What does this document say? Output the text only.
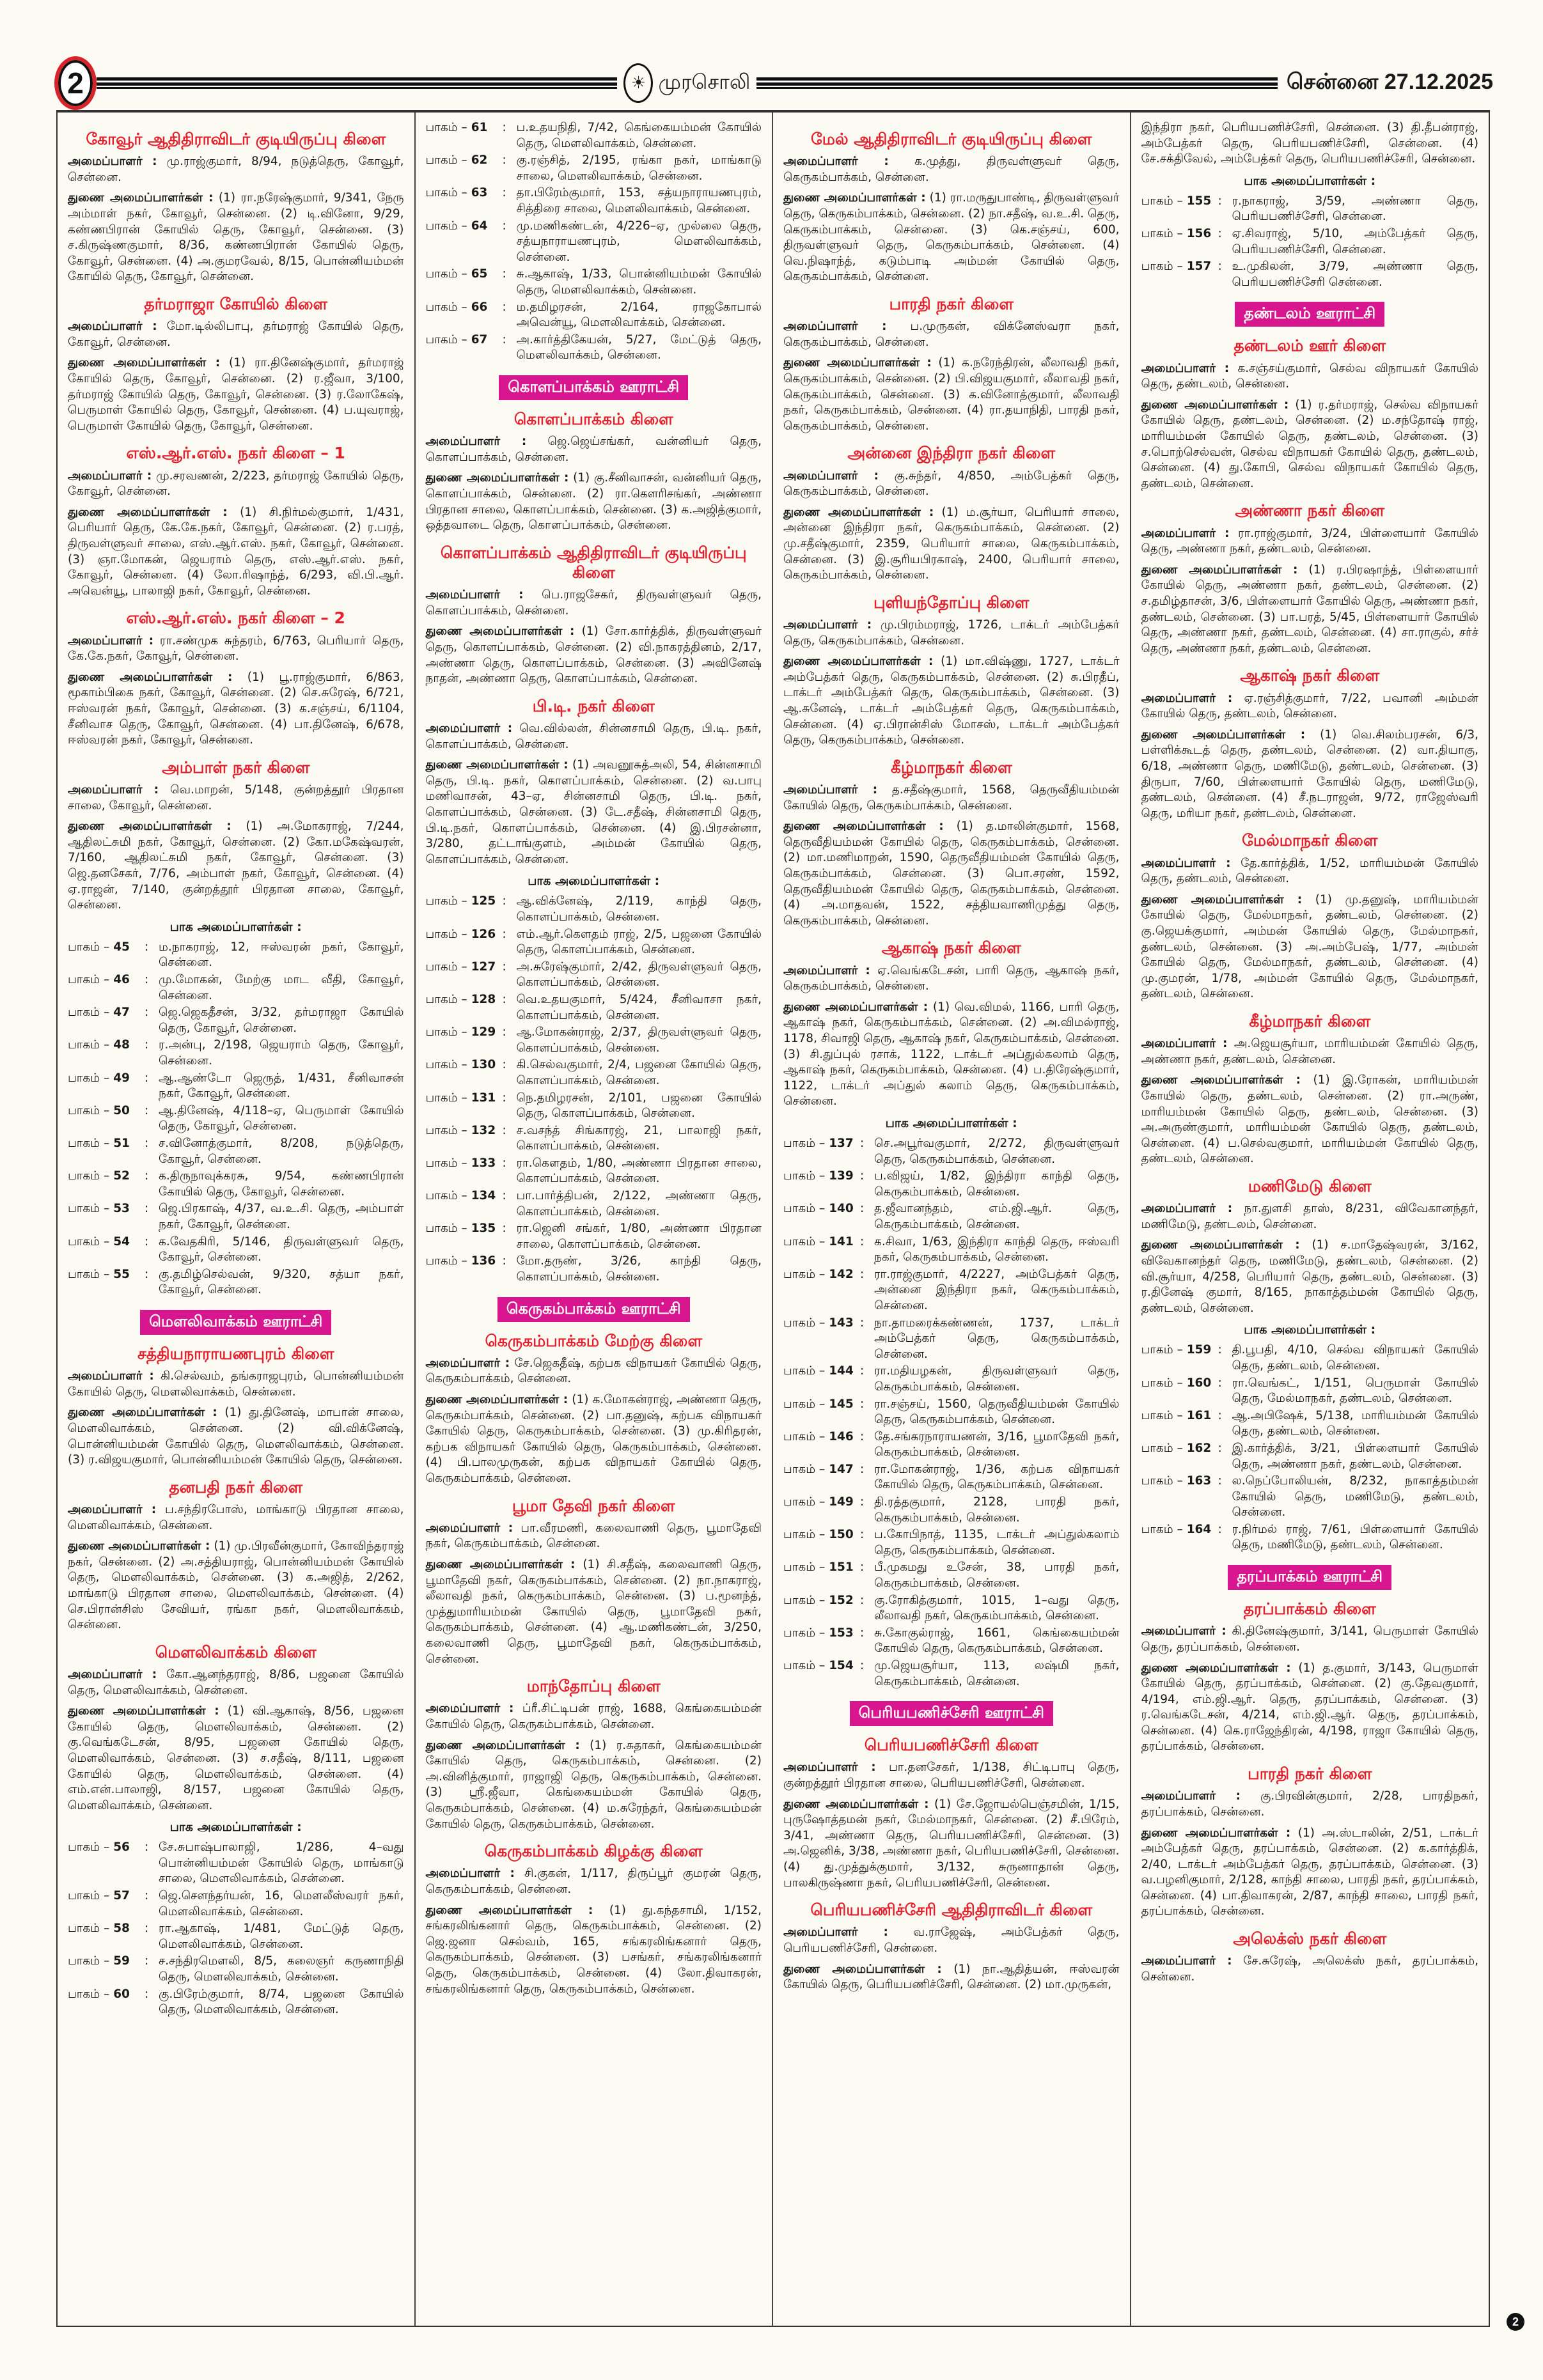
2	☀ முரசொலி	சென்னை 27.12.2025
கோவூர் ஆதிதிராவிடர் குடியிருப்பு கிளை
அமைப்பாளர் : மு.ராஜ்குமார், 8/94, நடுத்தெரு, கோவூர், சென்னை.
துணை அமைப்பாளர்கள் : (1) ரா.நரேஷ்குமார், 9/341, நேரு அம்மாள் நகர், கோவூர், சென்னை. (2) டி.வினோ, 9/29, கண்ணபிரான் கோயில் தெரு, கோவூர், சென்னை. (3) ச.கிருஷ்ணகுமார், 8/36, கண்ணபிரான் கோயில் தெரு, கோவூர், சென்னை. (4) அ.குமரவேல், 8/15, பொன்னியம்மன் கோயில் தெரு, கோவூர், சென்னை.
தர்மராஜா கோயில் கிளை
அமைப்பாளர் : மோ.டில்லிபாபு, தர்மராஜ் கோயில் தெரு, கோவூர், சென்னை.
துணை அமைப்பாளர்கள் : (1) ரா.தினேஷ்குமார், தர்மராஜ் கோயில் தெரு, கோவூர், சென்னை. (2) ர.ஜீவா, 3/100, தர்மராஜ் கோயில் தெரு, கோவூர், சென்னை. (3) ர.லோகேஷ், பெருமாள் கோயில் தெரு, கோவூர், சென்னை. (4) ப.யுவராஜ், பெருமாள் கோயில் தெரு, கோவூர், சென்னை.
எஸ்.ஆர்.எஸ். நகர் கிளை – 1
அமைப்பாளர் : மு.சரவணன், 2/223, தர்மராஜ் கோயில் தெரு, கோவூர், சென்னை.
துணை அமைப்பாளர்கள் : (1) சி.நிர்மல்குமார், 1/431, பெரியார் தெரு, கே.கே.நகர், கோவூர், சென்னை. (2) ர.பரத், திருவள்ளுவர் சாலை, எஸ்.ஆர்.எஸ். நகர், கோவூர், சென்னை. (3) ஞா.மோகன், ஜெயராம் தெரு, எஸ்.ஆர்.எஸ். நகர், கோவூர், சென்னை. (4) லோ.ரிஷாந்த், 6/293, வி.பி.ஆர். அவென்யூ, பாலாஜி நகர், கோவூர், சென்னை.
எஸ்.ஆர்.எஸ். நகர் கிளை – 2
அமைப்பாளர் : ரா.சண்முக சுந்தரம், 6/763, பெரியார் தெரு, கே.கே.நகர், கோவூர், சென்னை.
துணை அமைப்பாளர்கள் : (1) பூ.ராஜ்குமார், 6/863, மூகாம்பிகை நகர், கோவூர், சென்னை. (2) செ.சுரேஷ், 6/721, ஈஸ்வரன் நகர், கோவூர், சென்னை. (3) க.சஞ்சய், 6/1104, சீனிவாச தெரு, கோவூர், சென்னை. (4) பா.தினேஷ், 6/678, ஈஸ்வரன் நகர், கோவூர், சென்னை.
அம்பாள் நகர் கிளை
அமைப்பாளர் : வெ.மாறன், 5/148, குன்றத்தூர் பிரதான சாலை, கோவூர், சென்னை.
துணை அமைப்பாளர்கள் : (1) அ.மோகராஜ், 7/244, ஆதிலட்சுமி நகர், கோவூர், சென்னை. (2) கோ.மகேஷ்வரன், 7/160, ஆதிலட்சுமி நகர், கோவூர், சென்னை. (3) ஜெ.தனசேகர், 7/76, அம்பாள் நகர், கோவூர், சென்னை. (4) ஏ.ராஜன், 7/140, குன்றத்தூர் பிரதான சாலை, கோவூர், சென்னை.
பாக அமைப்பாளர்கள் :
பாகம் – 45	: ம.நாகராஜ், 12, ஈஸ்வரன் நகர், கோவூர், சென்னை.
பாகம் – 46	: மு.மோகன், மேற்கு மாட வீதி, கோவூர், சென்னை.
பாகம் – 47	: ஜெ.ஜெகதீசன், 3/32, தர்மராஜா கோயில் தெரு, கோவூர், சென்னை.
பாகம் – 48	: ர.அன்பு, 2/198, ஜெயராம் தெரு, கோவூர், சென்னை.
பாகம் – 49	: ஆ.ஆண்டோ ஜெருத், 1/431, சீனிவாசன் நகர், கோவூர், சென்னை.
பாகம் – 50	: ஆ.தினேஷ், 4/118–ஏ, பெருமாள் கோயில் தெரு, கோவூர், சென்னை.
பாகம் – 51	: ச.வினோத்குமார், 8/208, நடுத்தெரு, கோவூர், சென்னை.
பாகம் – 52	: க.திருநாவுக்கரசு, 9/54, கண்ணபிரான் கோயில் தெரு, கோவூர், சென்னை.
பாகம் – 53	: ஜெ.பிரகாஷ், 4/37, வ.உ.சி. தெரு, அம்பாள் நகர், கோவூர், சென்னை.
பாகம் – 54	: க.வேதகிரி, 5/146, திருவள்ளுவர் தெரு, கோவூர், சென்னை.
பாகம் – 55	: கு.தமிழ்செல்வன், 9/320, சத்யா நகர், கோவூர், சென்னை.
மௌலிவாக்கம் ஊராட்சி
சத்தியநாராயணபுரம் கிளை
அமைப்பாளர் : கி.செல்வம், தங்கராஜபுரம், பொன்னியம்மன் கோயில் தெரு, மௌலிவாக்கம், சென்னை.
துணை அமைப்பாளர்கள் : (1) து.தினேஷ், மாபான் சாலை, மௌலிவாக்கம், சென்னை. (2) வி.விக்னேஷ், பொன்னியம்மன் கோயில் தெரு, மௌலிவாக்கம், சென்னை. (3) ர.விஜயகுமார், பொன்னியம்மன் கோயில் தெரு, சென்னை.
தனபதி நகர் கிளை
அமைப்பாளர் : ப.சந்திரபோஸ், மாங்காடு பிரதான சாலை, மௌலிவாக்கம், சென்னை.
துணை அமைப்பாளர்கள் : (1) மு.பிரவீன்குமார், கோவிந்தராஜ் நகர், சென்னை. (2) அ.சத்தியராஜ், பொன்னியம்மன் கோயில் தெரு, மௌலிவாக்கம், சென்னை. (3) க.அஜித், 2/262, மாங்காடு பிரதான சாலை, மௌலிவாக்கம், சென்னை. (4) செ.பிரான்சிஸ் சேவியர், ரங்கா நகர், மௌலிவாக்கம், சென்னை.
மௌலிவாக்கம் கிளை
அமைப்பாளர் : கோ.ஆனந்தராஜ், 8/86, பஜனை கோயில் தெரு, மௌலிவாக்கம், சென்னை.
துணை அமைப்பாளர்கள் : (1) வி.ஆகாஷ், 8/56, பஜனை கோயில் தெரு, மௌலிவாக்கம், சென்னை. (2) கு.வெங்கடேசன், 8/95, பஜனை கோயில் தெரு, மௌலிவாக்கம், சென்னை. (3) ச.சதீஷ், 8/111, பஜனை கோயில் தெரு, மௌலிவாக்கம், சென்னை. (4) எம்.என்.பாலாஜி, 8/157, பஜனை கோயில் தெரு, மௌலிவாக்கம், சென்னை.
பாக அமைப்பாளர்கள் :
பாகம் – 56	: சே.சுபாஷ்பாலாஜி, 1/286, 4–வது பொன்னியம்மன் கோயில் தெரு, மாங்காடு சாலை, மௌலிவாக்கம், சென்னை.
பாகம் – 57	: ஜெ.சௌந்தர்யன், 16, மௌலீஸ்வரர் நகர், மௌலிவாக்கம், சென்னை.
பாகம் – 58	: ரா.ஆகாஷ், 1/481, மேட்டுத் தெரு, மௌலிவாக்கம், சென்னை.
பாகம் – 59	: ச.சந்திரமௌலி, 8/5, கலைஞர் கருணாநிதி தெரு, மௌலிவாக்கம், சென்னை.
பாகம் – 60	: கு.பிரேம்குமார், 8/74, பஜனை கோயில் தெரு, மௌலிவாக்கம், சென்னை.
பாகம் – 61	: ப.உதயநிதி, 7/42, கெங்கையம்மன் கோயில் தெரு, மௌலிவாக்கம், சென்னை.
பாகம் – 62	: கு.ரஞ்சித், 2/195, ரங்கா நகர், மாங்காடு சாலை, மௌலிவாக்கம், சென்னை.
பாகம் – 63	: தா.பிரேம்குமார், 153, சத்யநாராயணபுரம், சித்திரை சாலை, மௌலிவாக்கம், சென்னை.
பாகம் – 64	: மு.மணிகண்டன், 4/226–ஏ, முல்லை தெரு, சத்யநாராயணபுரம், மௌலிவாக்கம், சென்னை.
பாகம் – 65	: சு.ஆகாஷ், 1/33, பொன்னியம்மன் கோயில் தெரு, மௌலிவாக்கம், சென்னை.
பாகம் – 66	: ம.தமிழரசன், 2/164, ராஜகோபால் அவென்யூ, மௌலிவாக்கம், சென்னை.
பாகம் – 67	: அ.கார்த்திகேயன், 5/27, மேட்டுத் தெரு, மௌலிவாக்கம், சென்னை.
கொளப்பாக்கம் ஊராட்சி
கொளப்பாக்கம் கிளை
அமைப்பாளர் : ஜெ.ஜெய்சங்கர், வன்னியர் தெரு, கொளப்பாக்கம், சென்னை.
துணை அமைப்பாளர்கள் : (1) கு.சீனிவாசன், வன்னியர் தெரு, கொளப்பாக்கம், சென்னை. (2) ரா.கௌரிசங்கர், அண்ணா பிரதான சாலை, கொளப்பாக்கம், சென்னை. (3) க.அஜித்குமார், ஒத்தவாடை தெரு, கொளப்பாக்கம், சென்னை.
கொளப்பாக்கம் ஆதிதிராவிடர் குடியிருப்பு கிளை
அமைப்பாளர் : பெ.ராஜசேகர், திருவள்ளுவர் தெரு, கொளப்பாக்கம், சென்னை.
துணை அமைப்பாளர்கள் : (1) சோ.கார்த்திக், திருவள்ளுவர் தெரு, கொளப்பாக்கம், சென்னை. (2) வி.நாகரத்தினம், 2/17, அண்ணா தெரு, கொளப்பாக்கம், சென்னை. (3) அவினேஷ் நாதன், அண்ணா தெரு, கொளப்பாக்கம், சென்னை.
பி.டி. நகர் கிளை
அமைப்பாளர் : வெ.வில்லன், சின்னசாமி தெரு, பி.டி. நகர், கொளப்பாக்கம், சென்னை.
துணை அமைப்பாளர்கள் : (1) அவனூசுத்அலி, 54, சின்னசாமி தெரு, பி.டி. நகர், கொளப்பாக்கம், சென்னை. (2) வ.பாபு மணிவாசன், 43–ஏ, சின்னசாமி தெரு, பி.டி. நகர், கொளப்பாக்கம், சென்னை. (3) டே.சதீஷ், சின்னசாமி தெரு, பி.டி.நகர், கொளப்பாக்கம், சென்னை. (4) இ.பிரசன்னா, 3/280, தட்டாங்குளம், அம்மன் கோயில் தெரு, கொளப்பாக்கம், சென்னை.
பாக அமைப்பாளர்கள் :
பாகம் – 125 : ஆ.விக்னேஷ், 2/119, காந்தி தெரு, கொளப்பாக்கம், சென்னை.
பாகம் – 126 : எம்.ஆர்.கௌதம் ராஜ், 2/5, பஜனை கோயில் தெரு, கொளப்பாக்கம், சென்னை.
பாகம் – 127 : அ.சுரேஷ்குமார், 2/42, திருவள்ளுவர் தெரு, கொளப்பாக்கம், சென்னை.
பாகம் – 128 : வெ.உதயகுமார், 5/424, சீனிவாசா நகர், கொளப்பாக்கம், சென்னை.
பாகம் – 129 : ஆ.மோகன்ராஜ், 2/37, திருவள்ளுவர் தெரு, கொளப்பாக்கம், சென்னை.
பாகம் – 130 : கி.செல்வகுமார், 2/4, பஜனை கோயில் தெரு, கொளப்பாக்கம், சென்னை.
பாகம் – 131 : நெ.தமிழரசன், 2/101, பஜனை கோயில் தெரு, கொளப்பாக்கம், சென்னை.
பாகம் – 132 : ச.வசந்த் சிங்காரஜ், 21, பாலாஜி நகர், கொளப்பாக்கம், சென்னை.
பாகம் – 133 : ரா.கௌதம், 1/80, அண்ணா பிரதான சாலை, கொளப்பாக்கம், சென்னை.
பாகம் – 134 : பா.பார்த்திபன், 2/122, அண்ணா தெரு, கொளப்பாக்கம், சென்னை.
பாகம் – 135 : ரா.ஜெனி சங்கர், 1/80, அண்ணா பிரதான சாலை, கொளப்பாக்கம், சென்னை.
பாகம் – 136 : மோ.தருண், 3/26, காந்தி தெரு, கொளப்பாக்கம், சென்னை.
கெருகம்பாக்கம் ஊராட்சி
கெருகம்பாக்கம் மேற்கு கிளை
அமைப்பாளர் : சே.ஜெகதீஷ், கற்பக விநாயகர் கோயில் தெரு, கெருகம்பாக்கம், சென்னை.
துணை அமைப்பாளர்கள் : (1) க.மோகன்ராஜ், அண்ணா தெரு, கெருகம்பாக்கம், சென்னை. (2) பா.தனுஷ், கற்பக விநாயகர் கோயில் தெரு, கெருகம்பாக்கம், சென்னை. (3) மு.கிரிதரன், கற்பக விநாயகர் கோயில் தெரு, கெருகம்பாக்கம், சென்னை. (4) பி.பாலமுருகன், கற்பக விநாயகர் கோயில் தெரு, கெருகம்பாக்கம், சென்னை.
பூமா தேவி நகர் கிளை
அமைப்பாளர் : பா.வீரமணி, கலைவாணி தெரு, பூமாதேவி நகர், கெருகம்பாக்கம், சென்னை.
துணை அமைப்பாளர்கள் : (1) சி.சதீஷ், கலைவாணி தெரு, பூமாதேவி நகர், கெருகம்பாக்கம், சென்னை. (2) நா.நாகராஜ், லீலாவதி நகர், கெருகம்பாக்கம், சென்னை. (3) ப.மூனந்த், முத்துமாரியம்மன் கோயில் தெரு, பூமாதேவி நகர், கெருகம்பாக்கம், சென்னை. (4) ஆ.மணிகண்டன், 3/250, கலைவாணி தெரு, பூமாதேவி நகர், கெருகம்பாக்கம், சென்னை.
மாந்தோப்பு கிளை
அமைப்பாளர் : ப்ரீ.சிட்டிபன் ராஜ், 1688, கெங்கையம்மன் கோயில் தெரு, கெருகம்பாக்கம், சென்னை.
துணை அமைப்பாளர்கள் : (1) ர.சுதாகர், கெங்கையம்மன் கோயில் தெரு, கெருகம்பாக்கம், சென்னை. (2) அ.வினித்குமார், ராஜாஜி தெரு, கெருகம்பாக்கம், சென்னை. (3) ஸ்ரீ.ஜீவா, கெங்கையம்மன் கோயில் தெரு, கெருகம்பாக்கம், சென்னை. (4) ம.சுரேந்தர், கெங்கையம்மன் கோயில் தெரு, கெருகம்பாக்கம், சென்னை.
கெருகம்பாக்கம் கிழக்கு கிளை
அமைப்பாளர் : சி.குகன், 1/117, திருப்பூர் குமரன் தெரு, கெருகம்பாக்கம், சென்னை.
துணை அமைப்பாளர்கள் : (1) து.கந்தசாமி, 1/152, சங்கரலிங்கனார் தெரு, கெருகம்பாக்கம், சென்னை. (2) ஜெ.ஜனா செல்வம், 165, சங்கரலிங்கனார் தெரு, கெருகம்பாக்கம், சென்னை. (3) பசங்கர், சங்கரலிங்கனார் தெரு, கெருகம்பாக்கம், சென்னை. (4) லோ.திவாகரன், சங்கரலிங்கனார் தெரு, கெருகம்பாக்கம், சென்னை.
மேல் ஆதிதிராவிடர் குடியிருப்பு கிளை
அமைப்பாளர் : க.முத்து, திருவள்ளுவர் தெரு, கெருகம்பாக்கம், சென்னை.
துணை அமைப்பாளர்கள் : (1) ரா.மருதுபாண்டி, திருவள்ளுவர் தெரு, கெருகம்பாக்கம், சென்னை. (2) நா.சதீஷ், வ.உ.சி. தெரு, கெருகம்பாக்கம், சென்னை. (3) கெ.சஞ்சய், 600, திருவள்ளுவர் தெரு, கெருகம்பாக்கம், சென்னை. (4) வெ.நிஷாந்த், கடும்பாடி அம்மன் கோயில் தெரு, கெருகம்பாக்கம், சென்னை.
பாரதி நகர் கிளை
அமைப்பாளர் : ப.முருகன், விக்னேஸ்வரா நகர், கெருகம்பாக்கம், சென்னை.
துணை அமைப்பாளர்கள் : (1) க.நரேந்திரன், லீலாவதி நகர், கெருகம்பாக்கம், சென்னை. (2) பி.விஜயகுமார், லீலாவதி நகர், கெருகம்பாக்கம், சென்னை. (3) க.வினோத்குமார், லீலாவதி நகர், கெருகம்பாக்கம், சென்னை. (4) ரா.தயாநிதி, பாரதி நகர், கெருகம்பாக்கம், சென்னை.
அன்னை இந்திரா நகர் கிளை
அமைப்பாளர் : கு.சுந்தர், 4/850, அம்பேத்கர் தெரு, கெருகம்பாக்கம், சென்னை.
துணை அமைப்பாளர்கள் : (1) ம.சூர்யா, பெரியார் சாலை, அன்னை இந்திரா நகர், கெருகம்பாக்கம், சென்னை. (2) மு.சதீஷ்குமார், 2359, பெரியார் சாலை, கெருகம்பாக்கம், சென்னை. (3) இ.சூரியபிரகாஷ், 2400, பெரியார் சாலை, கெருகம்பாக்கம், சென்னை.
புளியந்தோப்பு கிளை
அமைப்பாளர் : மு.பிரம்மராஜ், 1726, டாக்டர் அம்பேத்கர் தெரு, கெருகம்பாக்கம், சென்னை.
துணை அமைப்பாளர்கள் : (1) மா.விஷ்ணு, 1727, டாக்டர் அம்பேத்கர் தெரு, கெருகம்பாக்கம், சென்னை. (2) சு.பிரதீப், டாக்டர் அம்பேத்கர் தெரு, கெருகம்பாக்கம், சென்னை. (3) ஆ.சுனேஷ், டாக்டர் அம்பேத்கர் தெரு, கெருகம்பாக்கம், சென்னை. (4) ஏ.பிரான்சிஸ் மோசஸ், டாக்டர் அம்பேத்கர் தெரு, கெருகம்பாக்கம், சென்னை.
கீழ்மாநகர் கிளை
அமைப்பாளர் : த.சதீஷ்குமார், 1568, தெருவீதியம்மன் கோயில் தெரு, கெருகம்பாக்கம், சென்னை.
துணை அமைப்பாளர்கள் : (1) த.மாலின்குமார், 1568, தெருவீதியம்மன் கோயில் தெரு, கெருகம்பாக்கம், சென்னை. (2) மா.மணிமாறன், 1590, தெருவீதியம்மன் கோயில் தெரு, கெருகம்பாக்கம், சென்னை. (3) பொ.சரண், 1592, தெருவீதியம்மன் கோயில் தெரு, கெருகம்பாக்கம், சென்னை. (4) அ.மாதவன், 1522, சத்தியவாணிமுத்து தெரு, கெருகம்பாக்கம், சென்னை.
ஆகாஷ் நகர் கிளை
அமைப்பாளர் : ஏ.வெங்கடேசன், பாரி தெரு, ஆகாஷ் நகர், கெருகம்பாக்கம், சென்னை.
துணை அமைப்பாளர்கள் : (1) வெ.விமல், 1166, பாரி தெரு, ஆகாஷ் நகர், கெருகம்பாக்கம், சென்னை. (2) அ.விமல்ராஜ், 1178, சிவாஜி தெரு, ஆகாஷ் நகர், கெருகம்பாக்கம், சென்னை. (3) சி.துப்புல் ரசாக், 1122, டாக்டர் அப்துல்கலாம் தெரு, ஆகாஷ் நகர், கெருகம்பாக்கம், சென்னை. (4) ப.திரேஷ்குமார், 1122, டாக்டர் அப்துல் கலாம் தெரு, கெருகம்பாக்கம், சென்னை.
பாக அமைப்பாளர்கள் :
பாகம் – 137 : செ.அபூர்வகுமார், 2/272, திருவள்ளுவர் தெரு, கெருகம்பாக்கம், சென்னை.
பாகம் – 139 : ப.விஜய், 1/82, இந்திரா காந்தி தெரு, கெருகம்பாக்கம், சென்னை.
பாகம் – 140 : த.ஜீவானந்தம், எம்.ஜி.ஆர். தெரு, கெருகம்பாக்கம், சென்னை.
பாகம் – 141 : க.சிவா, 1/63, இந்திரா காந்தி தெரு, ஈஸ்வரி நகர், கெருகம்பாக்கம், சென்னை.
பாகம் – 142 : ரா.ராஜ்குமார், 4/2227, அம்பேத்கர் தெரு, அன்னை இந்திரா நகர், கெருகம்பாக்கம், சென்னை.
பாகம் – 143 : நா.தாமரைக்கண்ணன், 1737, டாக்டர் அம்பேத்கர் தெரு, கெருகம்பாக்கம், சென்னை.
பாகம் – 144 : ரா.மதியழகன், திருவள்ளுவர் தெரு, கெருகம்பாக்கம், சென்னை.
பாகம் – 145 : ரா.சஞ்சய், 1560, தெருவீதியம்மன் கோயில் தெரு, கெருகம்பாக்கம், சென்னை.
பாகம் – 146 : தே.சங்கரநாராயணன், 3/16, பூமாதேவி நகர், கெருகம்பாக்கம், சென்னை.
பாகம் – 147 : ரா.மோகன்ராஜ், 1/36, கற்பக விநாயகர் கோயில் தெரு, கெருகம்பாக்கம், சென்னை.
பாகம் – 149 : தி.ரத்தகுமார், 2128, பாரதி நகர், கெருகம்பாக்கம், சென்னை.
பாகம் – 150 : ப.கோபிநாத், 1135, டாக்டர் அப்துல்கலாம் தெரு, கெருகம்பாக்கம், சென்னை.
பாகம் – 151 : பீ.முகமது உசேன், 38, பாரதி நகர், கெருகம்பாக்கம், சென்னை.
பாகம் – 152 : கு.ரோகித்குமார், 1015, 1–வது தெரு, லீலாவதி நகர், கெருகம்பாக்கம், சென்னை.
பாகம் – 153 : சு.கோகுல்ராஜ், 1661, கெங்கையம்மன் கோயில் தெரு, கெருகம்பாக்கம், சென்னை.
பாகம் – 154 : மு.ஜெயசூர்யா, 113, லஷ்மி நகர், கெருகம்பாக்கம், சென்னை.
பெரியபணிச்சேரி ஊராட்சி
பெரியபணிச்சேரி கிளை
அமைப்பாளர் : பா.தனசேகர், 1/138, சிட்டிபாபு தெரு, குன்றத்தூர் பிரதான சாலை, பெரியபணிச்சேரி, சென்னை.
துணை அமைப்பாளர்கள் : (1) சே.ஜோயல்பெஞ்சமின், 1/15, புருஷோத்தமன் நகர், மேல்மாநகர், சென்னை. (2) சீ.பிரேம், 3/41, அண்ணா தெரு, பெரியபணிச்சேரி, சென்னை. (3) அ.ஜெனிக், 3/38, அண்ணா நகர், பெரியபணிச்சேரி, சென்னை. (4) து.முத்துக்குமார், 3/132, சுருணாதான் தெரு, பாலகிருஷ்ணா நகர், பெரியபணிச்சேரி, சென்னை.
பெரியபணிச்சேரி ஆதிதிராவிடர் கிளை
அமைப்பாளர் : வ.ராஜேஷ், அம்பேத்கர் தெரு, பெரியபணிச்சேரி, சென்னை.
துணை அமைப்பாளர்கள் : (1) நா.ஆதித்யன், ஈஸ்வரன் கோயில் தெரு, பெரியபணிச்சேரி, சென்னை. (2) மா.முருகன்,
இந்திரா நகர், பெரியபணிச்சேரி, சென்னை. (3) தி.தீபன்ராஜ், அம்பேத்கர் தெரு, பெரியபணிச்சேரி, சென்னை. (4) சே.சக்திவேல், அம்பேத்கர் தெரு, பெரியபணிச்சேரி, சென்னை.
பாக அமைப்பாளர்கள் :
பாகம் – 155 : ர.நாகராஜ், 3/59, அண்ணா தெரு, பெரியபணிச்சேரி, சென்னை.
பாகம் – 156 : ஏ.சிவராஜ், 5/10, அம்பேத்கர் தெரு, பெரியபணிச்சேரி, சென்னை.
பாகம் – 157 : உ.முகிலன், 3/79, அண்ணா தெரு, பெரியபணிச்சேரி சென்னை.
தண்டலம் ஊராட்சி
தண்டலம் ஊர் கிளை
அமைப்பாளர் : க.சஞ்சய்குமார், செல்வ விநாயகர் கோயில் தெரு, தண்டலம், சென்னை.
துணை அமைப்பாளர்கள் : (1) ர.தர்மராஜ், செல்வ விநாயகர் கோயில் தெரு, தண்டலம், சென்னை. (2) ம.சந்தோஷ் ராஜ், மாரியம்மன் கோயில் தெரு, தண்டலம், சென்னை. (3) ச.பொற்செல்வன், செல்வ விநாயகர் கோயில் தெரு, தண்டலம், சென்னை. (4) து.கோபி, செல்வ விநாயகர் கோயில் தெரு, தண்டலம், சென்னை.
அண்ணா நகர் கிளை
அமைப்பாளர் : ரா.ராஜ்குமார், 3/24, பிள்ளையார் கோயில் தெரு, அண்ணா நகர், தண்டலம், சென்னை.
துணை அமைப்பாளர்கள் : (1) ர.பிரஷாந்த், பிள்ளையார் கோயில் தெரு, அண்ணா நகர், தண்டலம், சென்னை. (2) ச.தமிழ்தாசன், 3/6, பிள்ளையார் கோயில் தெரு, அண்ணா நகர், தண்டலம், சென்னை. (3) பா.பரத், 5/45, பிள்ளையார் கோயில் தெரு, அண்ணா நகர், தண்டலம், சென்னை. (4) சா.ராகுல், சர்ச் தெரு, அண்ணா நகர், தண்டலம், சென்னை.
ஆகாஷ் நகர் கிளை
அமைப்பாளர் : ஏ.ரஞ்சித்குமார், 7/22, பவானி அம்மன் கோயில் தெரு, தண்டலம், சென்னை.
துணை அமைப்பாளர்கள் : (1) வெ.சிலம்பரசன், 6/3, பள்ளிக்கூடத் தெரு, தண்டலம், சென்னை. (2) வா.தியாகு, 6/18, அண்ணா தெரு, மணிமேடு, தண்டலம், சென்னை. (3) திருபா, 7/60, பிள்ளையார் கோயில் தெரு, மணிமேடு, தண்டலம், சென்னை. (4) சீ.நடராஜன், 9/72, ராஜேஸ்வரி தெரு, மரியா நகர், தண்டலம், சென்னை.
மேல்மாநகர் கிளை
அமைப்பாளர் : தே.கார்த்திக், 1/52, மாரியம்மன் கோயில் தெரு, தண்டலம், சென்னை.
துணை அமைப்பாளர்கள் : (1) மு.தனுஷ், மாரியம்மன் கோயில் தெரு, மேல்மாநகர், தண்டலம், சென்னை. (2) கு.ஜெயக்குமார், அம்மன் கோயில் தெரு, மேல்மாநகர், தண்டலம், சென்னை. (3) அ.அம்பேஷ், 1/77, அம்மன் கோயில் தெரு, மேல்மாநகர், தண்டலம், சென்னை. (4) மு.குமரன், 1/78, அம்மன் கோயில் தெரு, மேல்மாநகர், தண்டலம், சென்னை.
கீழ்மாநகர் கிளை
அமைப்பாளர் : அ.ஜெயசூர்யா, மாரியம்மன் கோயில் தெரு, அண்ணா நகர், தண்டலம், சென்னை.
துணை அமைப்பாளர்கள் : (1) இ.ரோகன், மாரியம்மன் கோயில் தெரு, தண்டலம், சென்னை. (2) ரா.அருண், மாரியம்மன் கோயில் தெரு, தண்டலம், சென்னை. (3) அ.அருண்குமார், மாரியம்மன் கோயில் தெரு, தண்டலம், சென்னை. (4) ப.செல்வகுமார், மாரியம்மன் கோயில் தெரு, தண்டலம், சென்னை.
மணிமேடு கிளை
அமைப்பாளர் : நா.துளசி தாஸ், 8/231, விவேகானந்தர், மணிமேடு, தண்டலம், சென்னை.
துணை அமைப்பாளர்கள் : (1) ச.மாதேஷ்வரன், 3/162, விவேகானந்தர் தெரு, மணிமேடு, தண்டலம், சென்னை. (2) வி.சூர்யா, 4/258, பெரியார் தெரு, தண்டலம், சென்னை. (3) ர.தினேஷ் குமார், 8/165, நாகாத்தம்மன் கோயில் தெரு, தண்டலம், சென்னை.
பாக அமைப்பாளர்கள் :
பாகம் – 159 : தி.பூபதி, 4/10, செல்வ விநாயகர் கோயில் தெரு, தண்டலம், சென்னை.
பாகம் – 160 : ரா.வெங்கட், 1/151, பெருமாள் கோயில் தெரு, மேல்மாநகர், தண்டலம், சென்னை.
பாகம் – 161 : ஆ.அபிஷேக், 5/138, மாரியம்மன் கோயில் தெரு, தண்டலம், சென்னை.
பாகம் – 162 : இ.கார்த்திக், 3/21, பிள்ளையார் கோயில் தெரு, அண்ணா நகர், தண்டலம், சென்னை.
பாகம் – 163 : ல.நெப்போலியன், 8/232, நாகாத்தம்மன் கோயில் தெரு, மணிமேடு, தண்டலம், சென்னை.
பாகம் – 164 : ர.நிர்மல் ராஜ், 7/61, பிள்ளையார் கோயில் தெரு, மணிமேடு, தண்டலம், சென்னை.
தரப்பாக்கம் ஊராட்சி
தரப்பாக்கம் கிளை
அமைப்பாளர் : கி.தினேஷ்குமார், 3/141, பெருமாள் கோயில் தெரு, தரப்பாக்கம், சென்னை.
துணை அமைப்பாளர்கள் : (1) த.குமார், 3/143, பெருமாள் கோயில் தெரு, தரப்பாக்கம், சென்னை. (2) கு.தேவகுமார், 4/194, எம்.ஜி.ஆர். தெரு, தரப்பாக்கம், சென்னை. (3) ர.வெங்கடேசன், 4/214, எம்.ஜி.ஆர். தெரு, தரப்பாக்கம், சென்னை. (4) கெ.ராஜேந்திரன், 4/198, ராஜா கோயில் தெரு, தரப்பாக்கம், சென்னை.
பாரதி நகர் கிளை
அமைப்பாளர் : கு.பிரவின்குமார், 2/28, பாரதிநகர், தரப்பாக்கம், சென்னை.
துணை அமைப்பாளர்கள் : (1) அ.ஸ்டாலின், 2/51, டாக்டர் அம்பேத்கர் தெரு, தரப்பாக்கம், சென்னை. (2) க.கார்த்திக், 2/40, டாக்டர் அம்பேத்கர் தெரு, தரப்பாக்கம், சென்னை. (3) வ.பழனிகுமார், 2/128, காந்தி சாலை, பாரதி நகர், தரப்பாக்கம், சென்னை. (4) பா.திவாகரன், 2/87, காந்தி சாலை, பாரதி நகர், தரப்பாக்கம், சென்னை.
அலெக்ஸ் நகர் கிளை
அமைப்பாளர் : சே.சுரேஷ், அலெக்ஸ் நகர், தரப்பாக்கம், சென்னை.
2
